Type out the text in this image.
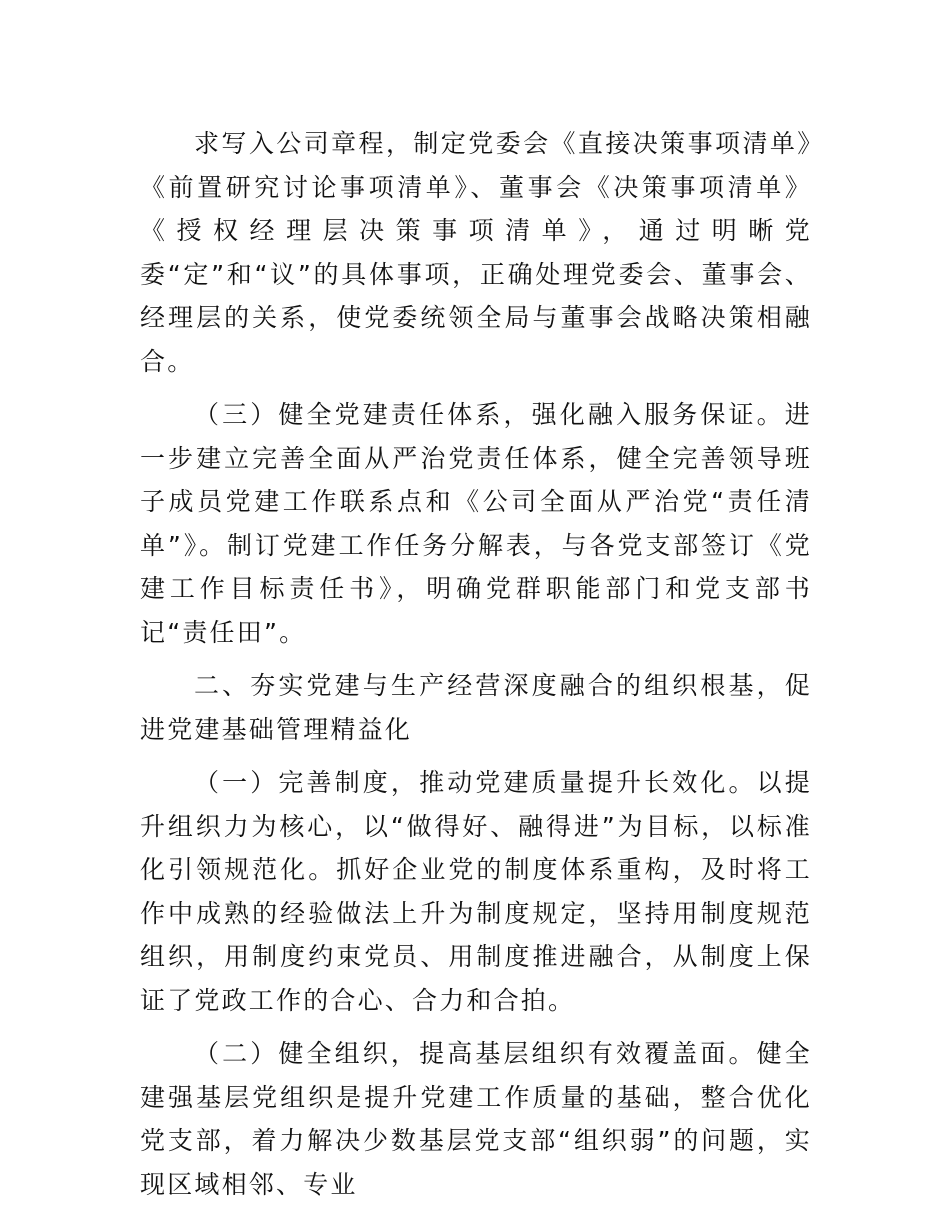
求写入公司章程，制定党委会《直接决策事项清单》《前置研究讨论事项清单》、董事会《决策事项清单》《授权经理层决策事项清单》，通过明晰党委“定”和“议”的具体事项，正确处理党委会、董事会、经理层的关系，使党委统领全局与董事会战略决策相融合。

（三）健全党建责任体系，强化融入服务保证。进一步建立完善全面从严治党责任体系，健全完善领导班子成员党建工作联系点和《公司全面从严治党“责任清单”》。制订党建工作任务分解表，与各党支部签订《党建工作目标责任书》，明确党群职能部门和党支部书记“责任田”。

二、夯实党建与生产经营深度融合的组织根基，促进党建基础管理精益化

（一）完善制度，推动党建质量提升长效化。以提升组织力为核心，以“做得好、融得进”为目标，以标准化引领规范化。抓好企业党的制度体系重构，及时将工作中成熟的经验做法上升为制度规定，坚持用制度规范组织，用制度约束党员、用制度推进融合，从制度上保证了党政工作的合心、合力和合拍。

（二）健全组织，提高基层组织有效覆盖面。健全建强基层党组织是提升党建工作质量的基础，整合优化党支部，着力解决少数基层党支部“组织弱”的问题，实现区域相邻、专业
